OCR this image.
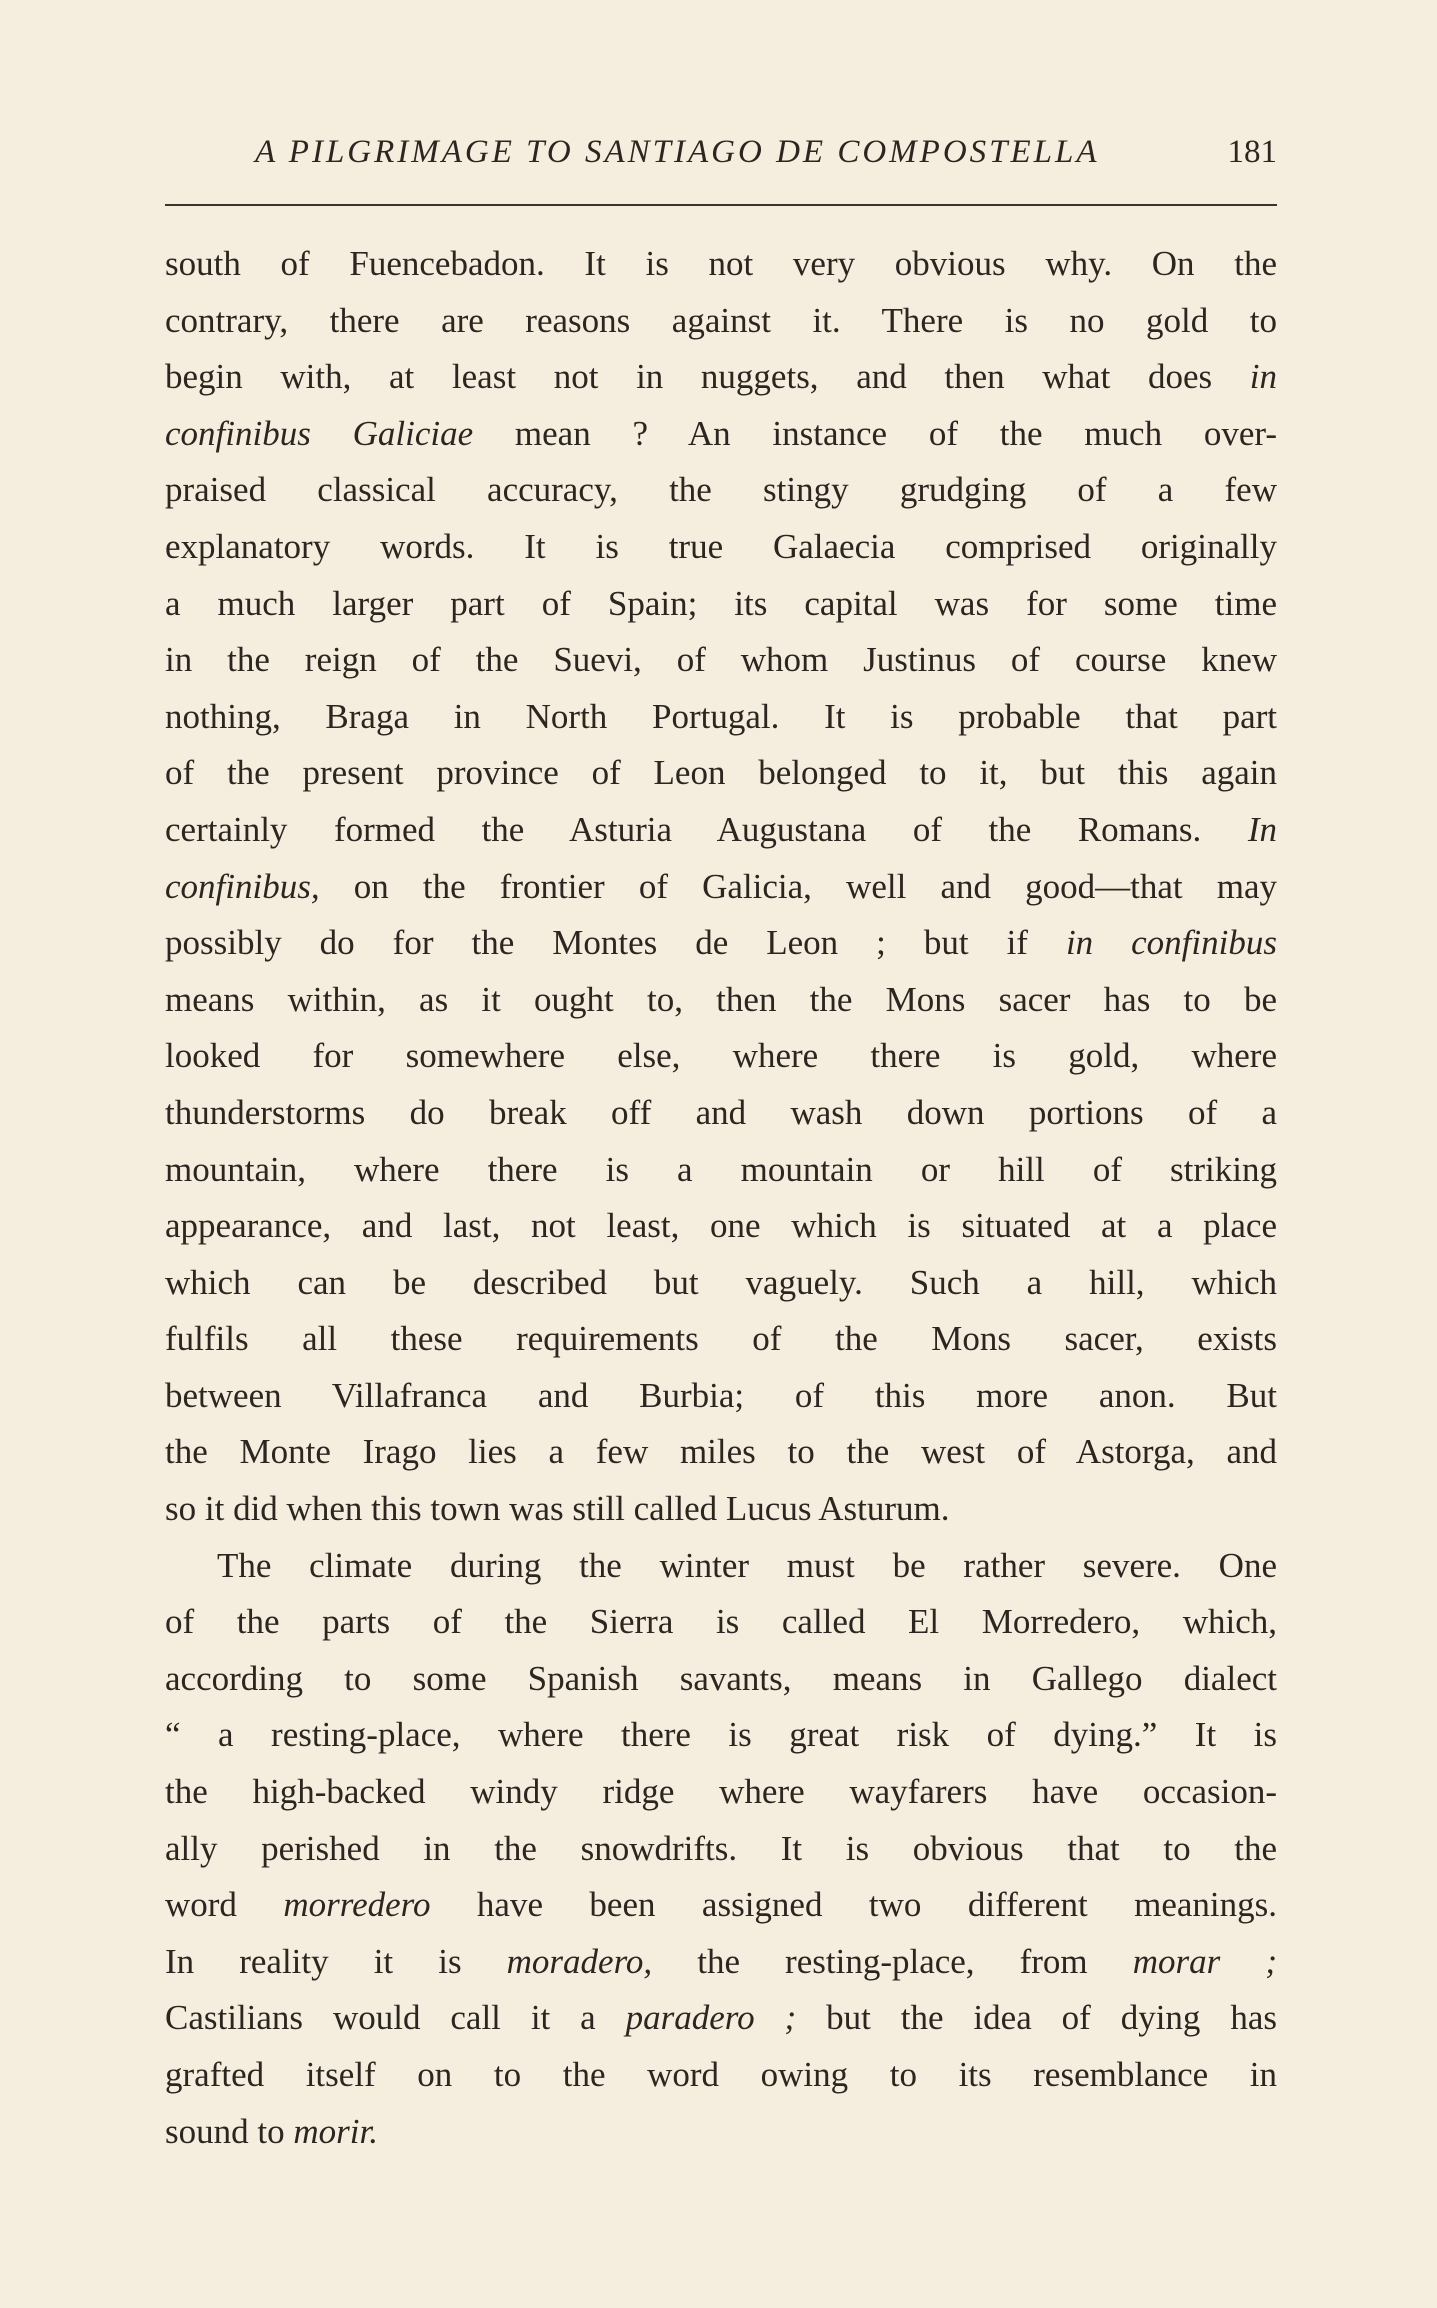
A PILGRIMAGE TO SANTIAGO DE COMPOSTELLA	181
south of Fuencebadon. It is not very obvious why. On the
contrary, there are reasons against it. There is no gold to
begin with, at least not in nuggets, and then what does in
confinibus Galiciae mean ? An instance of the much over-
praised classical accuracy, the stingy grudging of a few
explanatory words. It is true Galaecia comprised originally
a much larger part of Spain; its capital was for some time
in the reign of the Suevi, of whom Justinus of course knew
nothing, Braga in North Portugal. It is probable that part
of the present province of Leon belonged to it, but this again
certainly formed the Asturia Augustana of the Romans. In
confinibus, on the frontier of Galicia, well and good—that may
possibly do for the Montes de Leon ; but if in confinibus
means within, as it ought to, then the Mons sacer has to be
looked for somewhere else, where there is gold, where
thunderstorms do break off and wash down portions of a
mountain, where there is a mountain or hill of striking
appearance, and last, not least, one which is situated at a place
which can be described but vaguely. Such a hill, which
fulfils all these requirements of the Mons sacer, exists
between Villafranca and Burbia; of this more anon. But
the Monte Irago lies a few miles to the west of Astorga, and
so it did when this town was still called Lucus Asturum.
The climate during the winter must be rather severe. One
of the parts of the Sierra is called El Morredero, which,
according to some Spanish savants, means in Gallego dialect
“ a resting-place, where there is great risk of dying.” It is
the high-backed windy ridge where wayfarers have occasion-
ally perished in the snowdrifts. It is obvious that to the
word morredero have been assigned two different meanings.
In reality it is moradero, the resting-place, from morar ;
Castilians would call it a paradero ; but the idea of dying has
grafted itself on to the word owing to its resemblance in
sound to morir.
